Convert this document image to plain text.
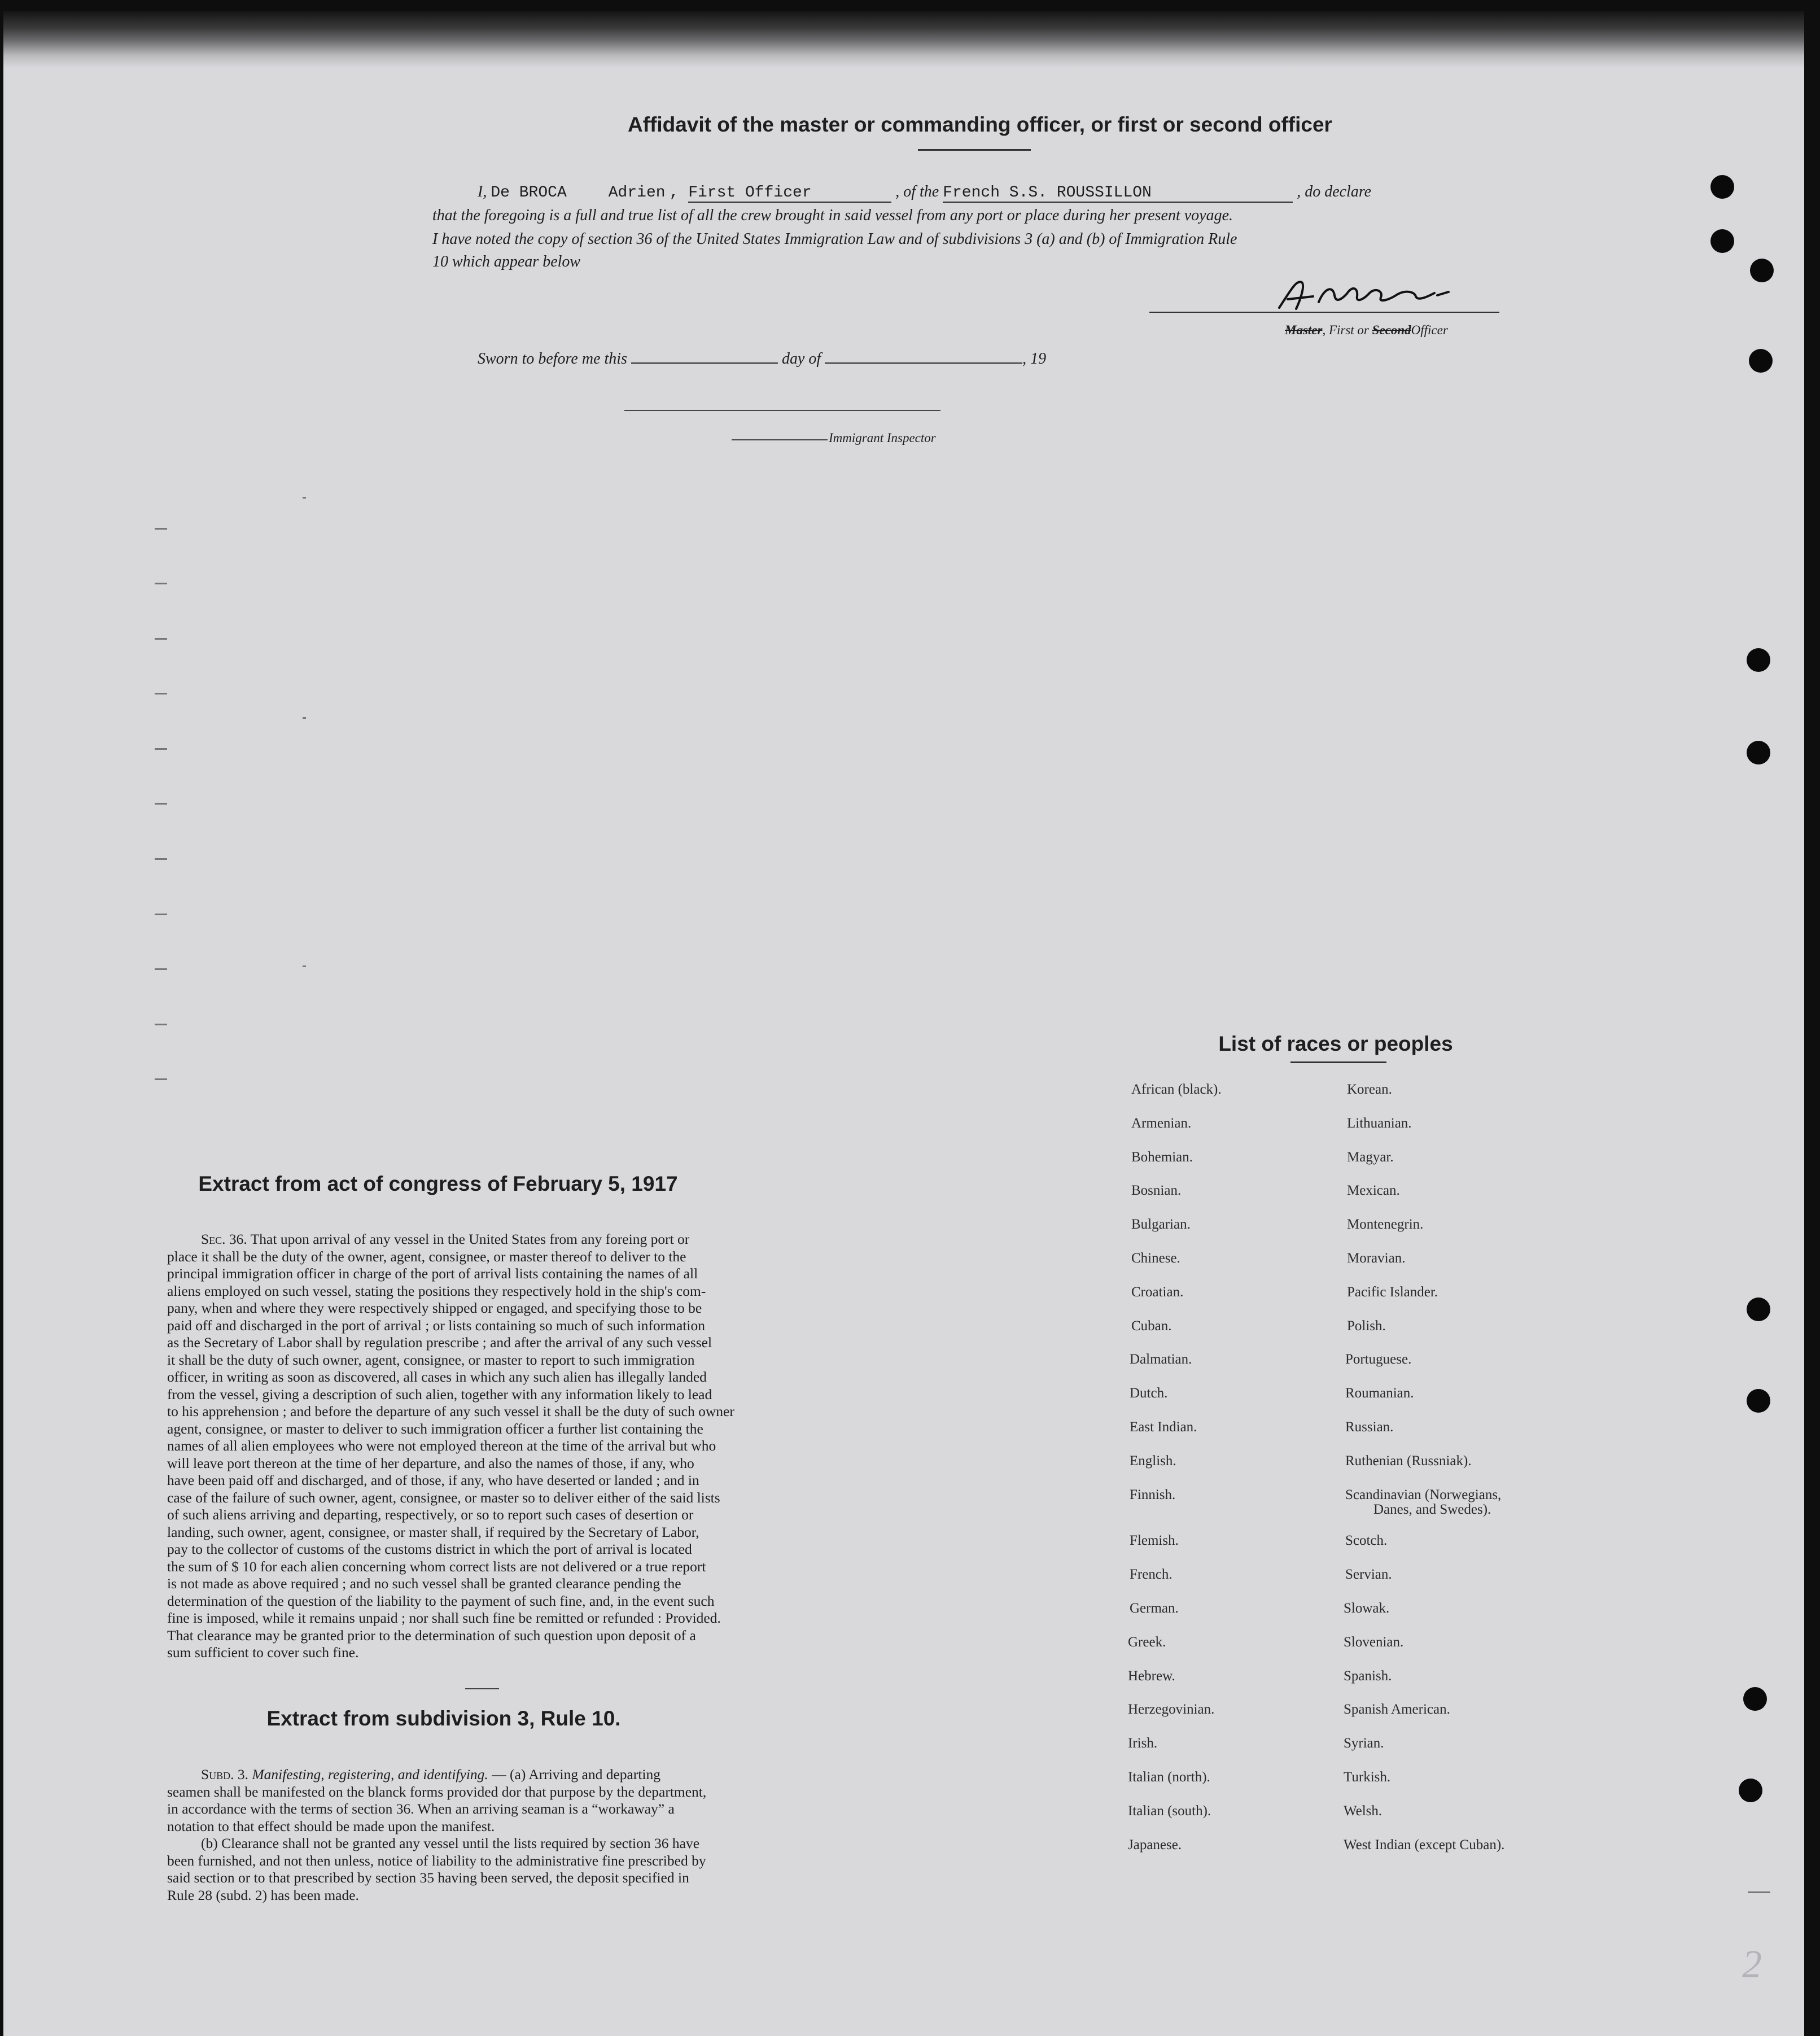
Affidavit of the master or commanding officer, or first or second officer
I, De BROCA	Adrien , First Officer	, of the French S.S. ROUSSILLON	, do declare
that the foregoing is a full and true list of all the crew brought in said vessel from any port or place during her present voyage.
I have noted the copy of section 36 of the United States Immigration Law and of subdivisions 3 (a) and (b) of Immigration Rule
10 which appear below
A. de Broca
Master, First or SecondOfficer
Sworn to before me this	day of	, 19
Immigrant Inspector
Extract from act of congress of February 5, 1917
Sec. 36. That upon arrival of any vessel in the United States from any foreing port or
place it shall be the duty of the owner, agent, consignee, or master thereof to deliver to the
principal immigration officer in charge of the port of arrival lists containing the names of all
aliens employed on such vessel, stating the positions they respectively hold in the ship's com-
pany, when and where they were respectively shipped or engaged, and specifying those to be
paid off and discharged in the port of arrival ; or lists containing so much of such information
as the Secretary of Labor shall by regulation prescribe ; and after the arrival of any such vessel
it shall be the duty of such owner, agent, consignee, or master to report to such immigration
officer, in writing as soon as discovered, all cases in which any such alien has illegally landed
from the vessel, giving a description of such alien, together with any information likely to lead
to his apprehension ; and before the departure of any such vessel it shall be the duty of such owner
agent, consignee, or master to deliver to such immigration officer a further list containing the
names of all alien employees who were not employed thereon at the time of the arrival but who
will leave port thereon at the time of her departure, and also the names of those, if any, who
have been paid off and discharged, and of those, if any, who have deserted or landed ; and in
case of the failure of such owner, agent, consignee, or master so to deliver either of the said lists
of such aliens arriving and departing, respectively, or so to report such cases of desertion or
landing, such owner, agent, consignee, or master shall, if required by the Secretary of Labor,
pay to the collector of customs of the customs district in which the port of arrival is located
the sum of $ 10 for each alien concerning whom correct lists are not delivered or a true report
is not made as above required ; and no such vessel shall be granted clearance pending the
determination of the question of the liability to the payment of such fine, and, in the event such
fine is imposed, while it remains unpaid ; nor shall such fine be remitted or refunded : Provided.
That clearance may be granted prior to the determination of such question upon deposit of a
sum sufficient to cover such fine.
Extract from subdivision 3, Rule 10.
Subd. 3. Manifesting, registering, and identifying. — (a) Arriving and departing
seamen shall be manifested on the blanck forms provided dor that purpose by the department,
in accordance with the terms of section 36. When an arriving seaman is a “workaway” a
notation to that effect should be made upon the manifest.
(b) Clearance shall not be granted any vessel until the lists required by section 36 have
been furnished, and not then unless, notice of liability to the administrative fine prescribed by
said section or to that prescribed by section 35 having been served, the deposit specified in
Rule 28 (subd. 2) has been made.
List of races or peoples
African (black).
Armenian.
Bohemian.
Bosnian.
Bulgarian.
Chinese.
Croatian.
Cuban.
Dalmatian.
Dutch.
East Indian.
English.
Finnish.
Flemish.
French.
German.
Greek.
Hebrew.
Herzegovinian.
Irish.
Italian (north).
Italian (south).
Japanese.
Korean.
Lithuanian.
Magyar.
Mexican.
Montenegrin.
Moravian.
Pacific Islander.
Polish.
Portuguese.
Roumanian.
Russian.
Ruthenian (Russniak).
Scandinavian (Norwegians,
Danes, and Swedes).
Scotch.
Servian.
Slowak.
Slovenian.
Spanish.
Spanish American.
Syrian.
Turkish.
Welsh.
West Indian (except Cuban).
2
